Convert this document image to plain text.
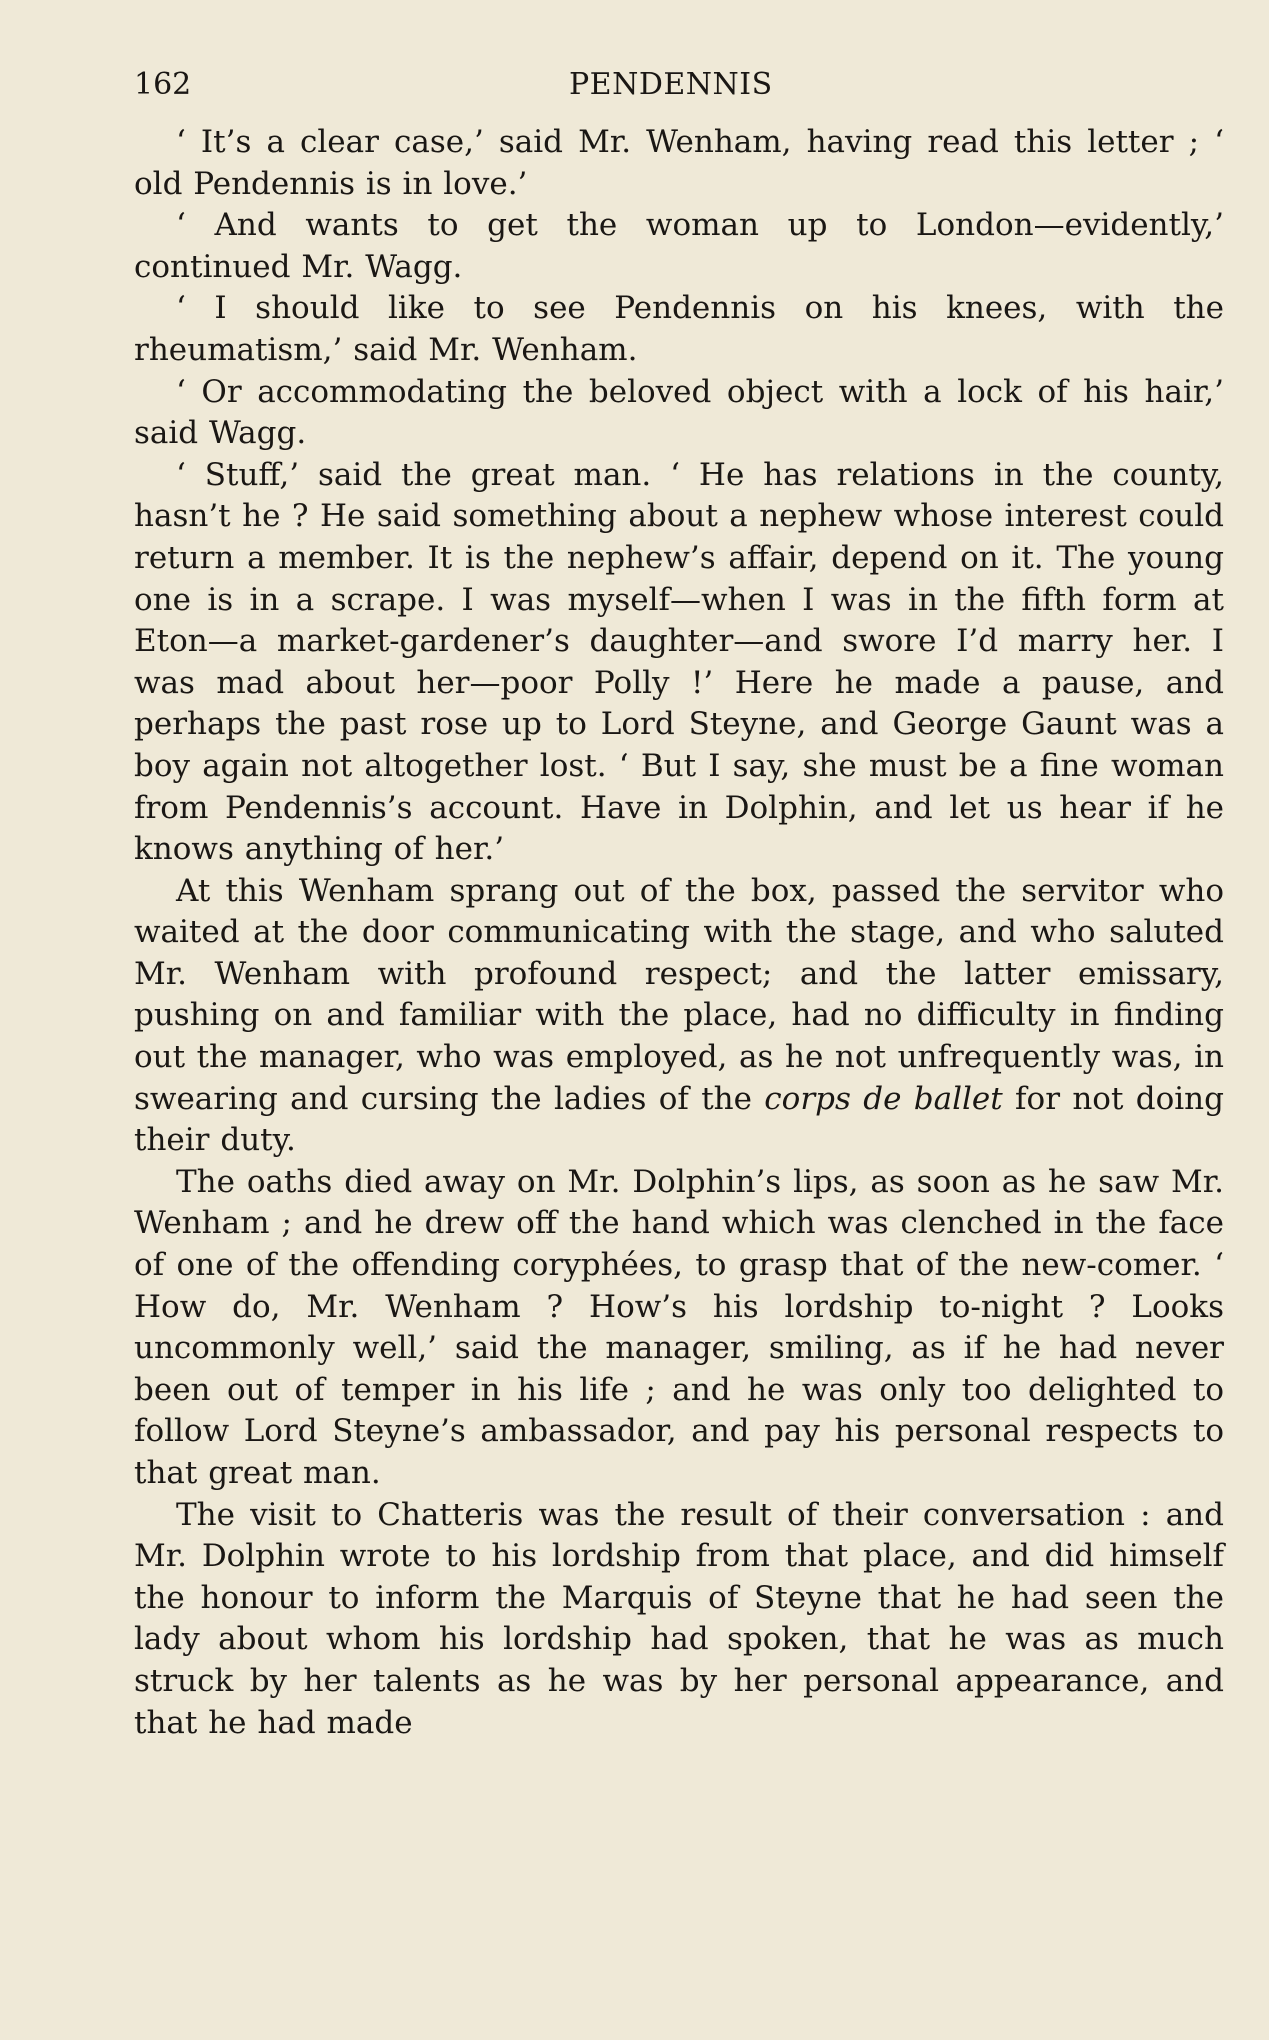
162	PENDENNIS

‘ It’s a clear case,’ said Mr. Wenham, having read this letter ; ‘ old Pendennis is in love.’

‘ And wants to get the woman up to London—evidently,’ continued Mr. Wagg.

‘ I should like to see Pendennis on his knees, with the rheumatism,’ said Mr. Wenham.

‘ Or accommodating the beloved object with a lock of his hair,’ said Wagg.

‘ Stuff,’ said the great man. ‘ He has relations in the county, hasn’t he ? He said something about a nephew whose interest could return a member. It is the nephew’s affair, depend on it. The young one is in a scrape. I was myself—when I was in the fifth form at Eton—a market-gardener’s daughter—and swore I’d marry her. I was mad about her—poor Polly !’ Here he made a pause, and perhaps the past rose up to Lord Steyne, and George Gaunt was a boy again not altogether lost. ‘ But I say, she must be a fine woman from Pendennis’s account. Have in Dolphin, and let us hear if he knows anything of her.’

At this Wenham sprang out of the box, passed the servitor who waited at the door communicating with the stage, and who saluted Mr. Wenham with profound respect; and the latter emissary, pushing on and familiar with the place, had no difficulty in finding out the manager, who was employed, as he not unfrequently was, in swearing and cursing the ladies of the corps de ballet for not doing their duty.

The oaths died away on Mr. Dolphin’s lips, as soon as he saw Mr. Wenham ; and he drew off the hand which was clenched in the face of one of the offending coryphées, to grasp that of the new-comer. ‘ How do, Mr. Wenham ? How’s his lordship to-night ? Looks uncommonly well,’ said the manager, smiling, as if he had never been out of temper in his life ; and he was only too delighted to follow Lord Steyne’s ambassador, and pay his personal respects to that great man.

The visit to Chatteris was the result of their conversation : and Mr. Dolphin wrote to his lordship from that place, and did himself the honour to inform the Marquis of Steyne that he had seen the lady about whom his lordship had spoken, that he was as much struck by her talents as he was by her personal appearance, and that he had made
